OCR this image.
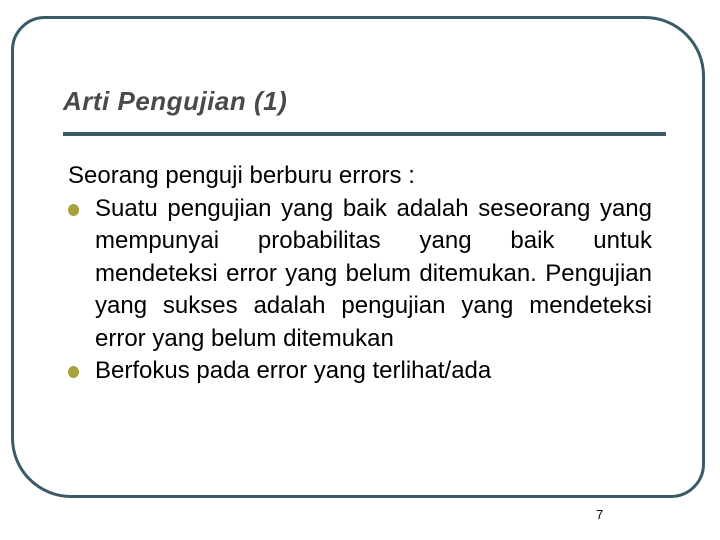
Arti Pengujian (1)

Seorang penguji berburu errors :

Suatu pengujian yang baik adalah seseorang yang mempunyai probabilitas yang baik untuk mendeteksi error yang belum ditemukan. Pengujian yang sukses adalah pengujian yang mendeteksi error yang belum ditemukan
Berfokus pada error yang terlihat/ada
7
